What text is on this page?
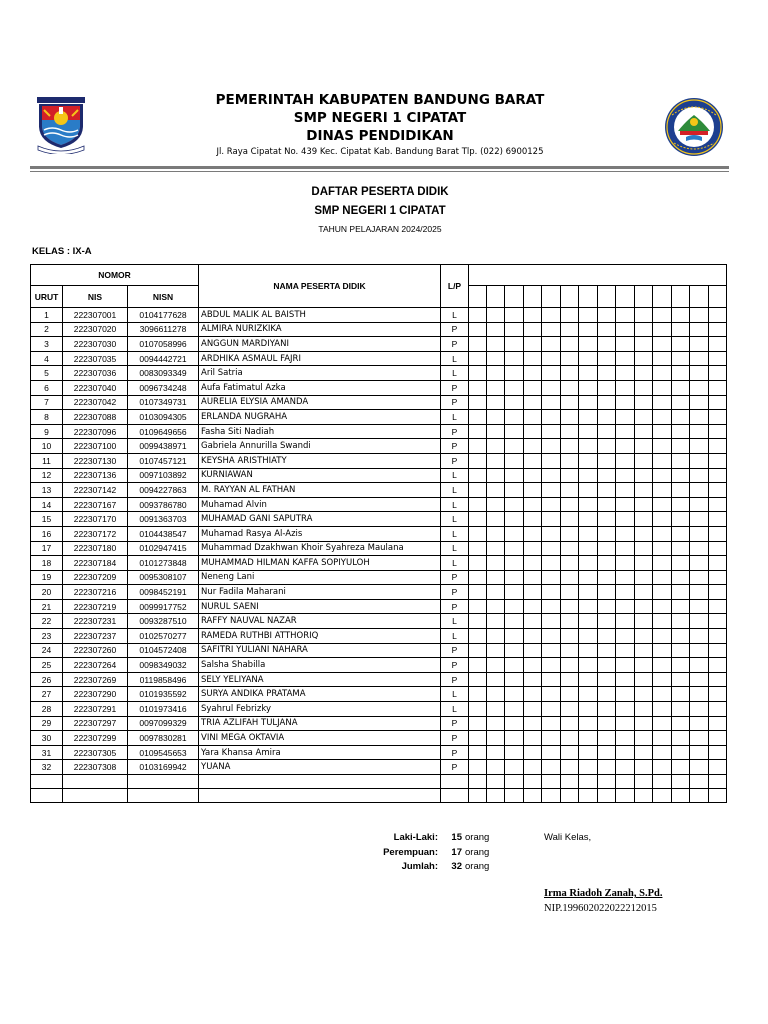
PEMERINTAH KABUPATEN BANDUNG BARAT
SMP NEGERI 1 CIPATAT
DINAS PENDIDIKAN
Jl. Raya Cipatat No. 439 Kec. Cipatat Kab. Bandung Barat Tlp. (022) 6900125
DAFTAR PESERTA DIDIK
SMP NEGERI 1 CIPATAT
TAHUN PELAJARAN 2024/2025
KELAS : IX-A
NOMOR			NAMA PESERTA DIDIK	L/P														
URUT	NIS	NISN																
1	222307001	0104177628	ABDUL MALIK AL BAISTH	L														
2	222307020	3096611278	ALMIRA NURIZKIKA	P														
3	222307030	0107058996	ANGGUN MARDIYANI	P														
4	222307035	0094442721	ARDHIKA ASMAUL FAJRI	L														
5	222307036	0083093349	Aril Satria	L														
6	222307040	0096734248	Aufa Fatimatul Azka	P														
7	222307042	0107349731	AURELIA ELYSIA AMANDA	P														
8	222307088	0103094305	ERLANDA NUGRAHA	L														
9	222307096	0109649656	Fasha Siti Nadiah	P														
10	222307100	0099438971	Gabriela Annurilla Swandi	P														
11	222307130	0107457121	KEYSHA ARISTHIATY	P														
12	222307136	0097103892	KURNIAWAN	L														
13	222307142	0094227863	M. RAYYAN AL FATHAN	L														
14	222307167	0093786780	Muhamad Alvin	L														
15	222307170	0091363703	MUHAMAD GANI SAPUTRA	L														
16	222307172	0104438547	Muhamad Rasya Al-Azis	L														
17	222307180	0102947415	Muhammad Dzakhwan Khoir Syahreza Maulana	L														
18	222307184	0101273848	MUHAMMAD HILMAN KAFFA SOPIYULOH	L														
19	222307209	0095308107	Neneng Lani	P														
20	222307216	0098452191	Nur Fadila Maharani	P														
21	222307219	0099917752	NURUL SAENI	P														
22	222307231	0093287510	RAFFY NAUVAL NAZAR	L														
23	222307237	0102570277	RAMEDA RUTHBI ATTHORIQ	L														
24	222307260	0104572408	SAFITRI YULIANI NAHARA	P														
25	222307264	0098349032	Salsha Shabilla	P														
26	222307269	0119858496	SELY YELIYANA	P														
27	222307290	0101935592	SURYA ANDIKA PRATAMA	L														
28	222307291	0101973416	Syahrul Febrizky	L														
29	222307297	0097099329	TRIA AZLIFAH TULJANA	P														
30	222307299	0097830281	VINI MEGA OKTAVIA	P														
31	222307305	0109545653	Yara Khansa Amira	P														
32	222307308	0103169942	YUANA	P														

Laki-Laki:	15 orang
Perempuan:	17 orang
Jumlah:	32 orang
Wali Kelas,
Irma Riadoh Zanah, S.Pd.
NIP.199602022022212015
